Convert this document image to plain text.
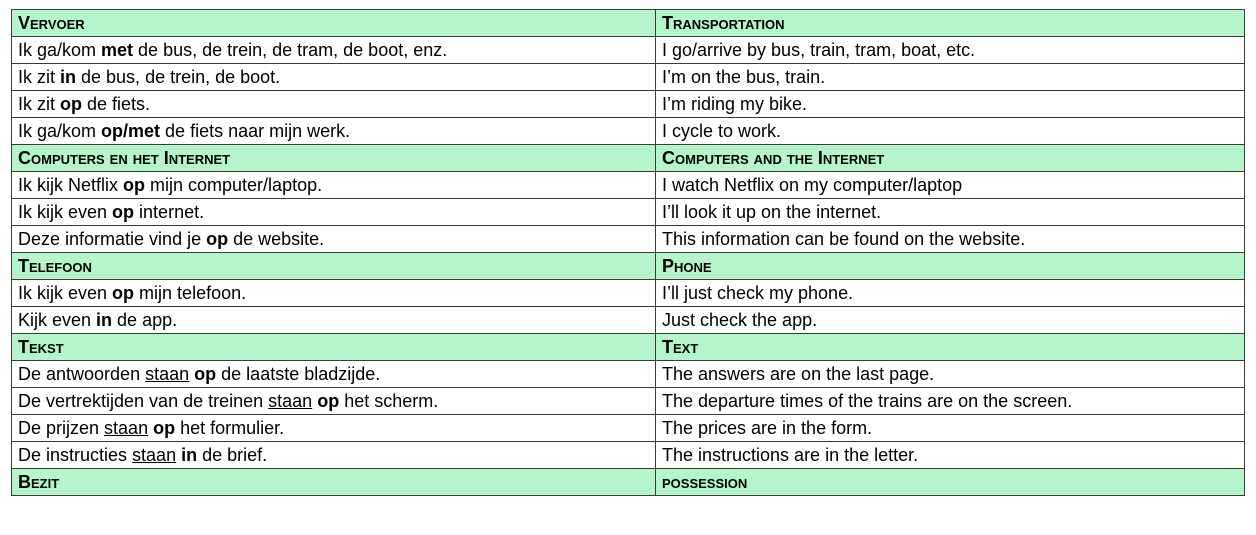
Vervoer	Transportation
Ik ga/kom met de bus, de trein, de tram, de boot, enz.	I go/arrive by bus, train, tram, boat, etc.
Ik zit in de bus, de trein, de boot.	I’m on the bus, train.
Ik zit op de fiets.	I’m riding my bike.
Ik ga/kom op/met de fiets naar mijn werk.	I cycle to work.
Computers en het Internet	Computers and the Internet
Ik kijk Netflix op mijn computer/laptop.	I watch Netflix on my computer/laptop
Ik kijk even op internet.	I’ll look it up on the internet.
Deze informatie vind je op de website.	This information can be found on the website.
Telefoon	Phone
Ik kijk even op mijn telefoon.	I’ll just check my phone.
Kijk even in de app.	Just check the app.
Tekst	Text
De antwoorden staan op de laatste bladzijde.	The answers are on the last page.
De vertrektijden van de treinen staan op het scherm.	The departure times of the trains are on the screen.
De prijzen staan op het formulier.	The prices are in the form.
De instructies staan in de brief.	The instructions are in the letter.
Bezit	possession
